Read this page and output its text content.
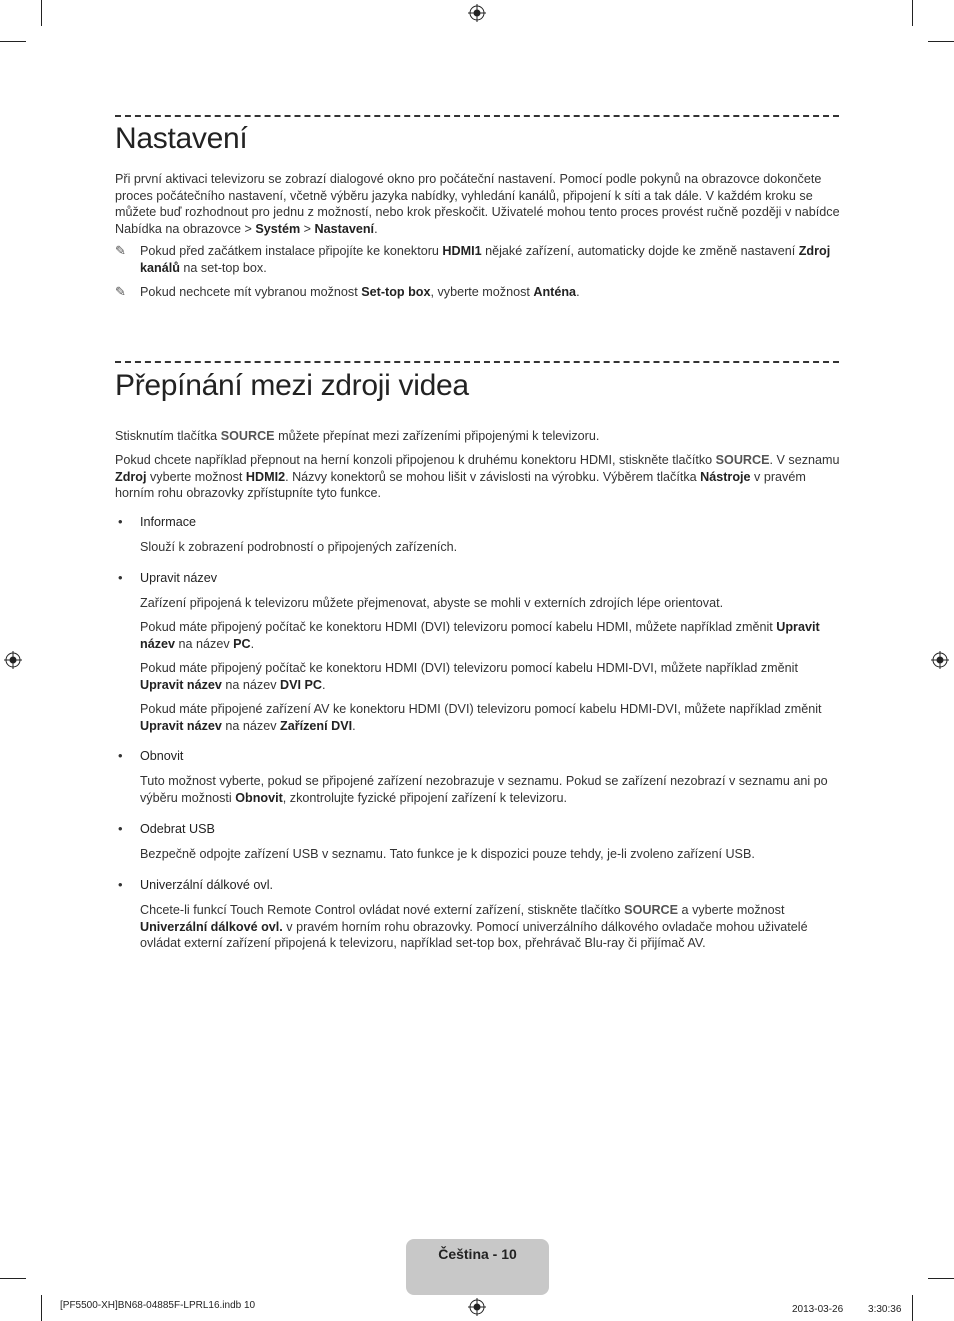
Nastavení

Při první aktivaci televizoru se zobrazí dialogové okno pro počáteční nastavení. Pomocí podle pokynů na obrazovce dokončete proces počátečního nastavení, včetně výběru jazyka nabídky, vyhledání kanálů, připojení k síti a tak dále. V každém kroku se můžete buď rozhodnout pro jednu z možností, nebo krok přeskočit. Uživatelé mohou tento proces provést ručně později v nabídce Nabídka na obrazovce > Systém > Nastavení.

✎ Pokud před začátkem instalace připojíte ke konektoru HDMI1 nějaké zařízení, automaticky dojde ke změně nastavení Zdroj kanálů na set-top box.

✎ Pokud nechcete mít vybranou možnost Set-top box, vyberte možnost Anténa.

Přepínání mezi zdroji videa

Stisknutím tlačítka SOURCE můžete přepínat mezi zařízeními připojenými k televizoru.

Pokud chcete například přepnout na herní konzoli připojenou k druhému konektoru HDMI, stiskněte tlačítko SOURCE. V seznamu Zdroj vyberte možnost HDMI2. Názvy konektorů se mohou lišit v závislosti na výrobku. Výběrem tlačítka Nástroje v pravém horním rohu obrazovky zpřístupníte tyto funkce.

• Informace

Slouží k zobrazení podrobností o připojených zařízeních.

• Upravit název

Zařízení připojená k televizoru můžete přejmenovat, abyste se mohli v externích zdrojích lépe orientovat.

Pokud máte připojený počítač ke konektoru HDMI (DVI) televizoru pomocí kabelu HDMI, můžete například změnit Upravit název na název PC.

Pokud máte připojený počítač ke konektoru HDMI (DVI) televizoru pomocí kabelu HDMI-DVI, můžete například změnit Upravit název na název DVI PC.

Pokud máte připojené zařízení AV ke konektoru HDMI (DVI) televizoru pomocí kabelu HDMI-DVI, můžete například změnit Upravit název na název Zařízení DVI.

• Obnovit

Tuto možnost vyberte, pokud se připojené zařízení nezobrazuje v seznamu. Pokud se zařízení nezobrazí v seznamu ani po výběru možnosti Obnovit, zkontrolujte fyzické připojení zařízení k televizoru.

• Odebrat USB

Bezpečně odpojte zařízení USB v seznamu. Tato funkce je k dispozici pouze tehdy, je-li zvoleno zařízení USB.

• Univerzální dálkové ovl.

Chcete-li funkcí Touch Remote Control ovládat nové externí zařízení, stiskněte tlačítko SOURCE a vyberte možnost Univerzální dálkové ovl. v pravém horním rohu obrazovky. Pomocí univerzálního dálkového ovladače mohou uživatelé ovládat externí zařízení připojená k televizoru, například set-top box, přehrávač Blu-ray či přijímač AV.

Čeština - 10
[PF5500-XH]BN68-04885F-LPRL16.indb 10	2013-03-26 ﾠﾠ 3:30:36
